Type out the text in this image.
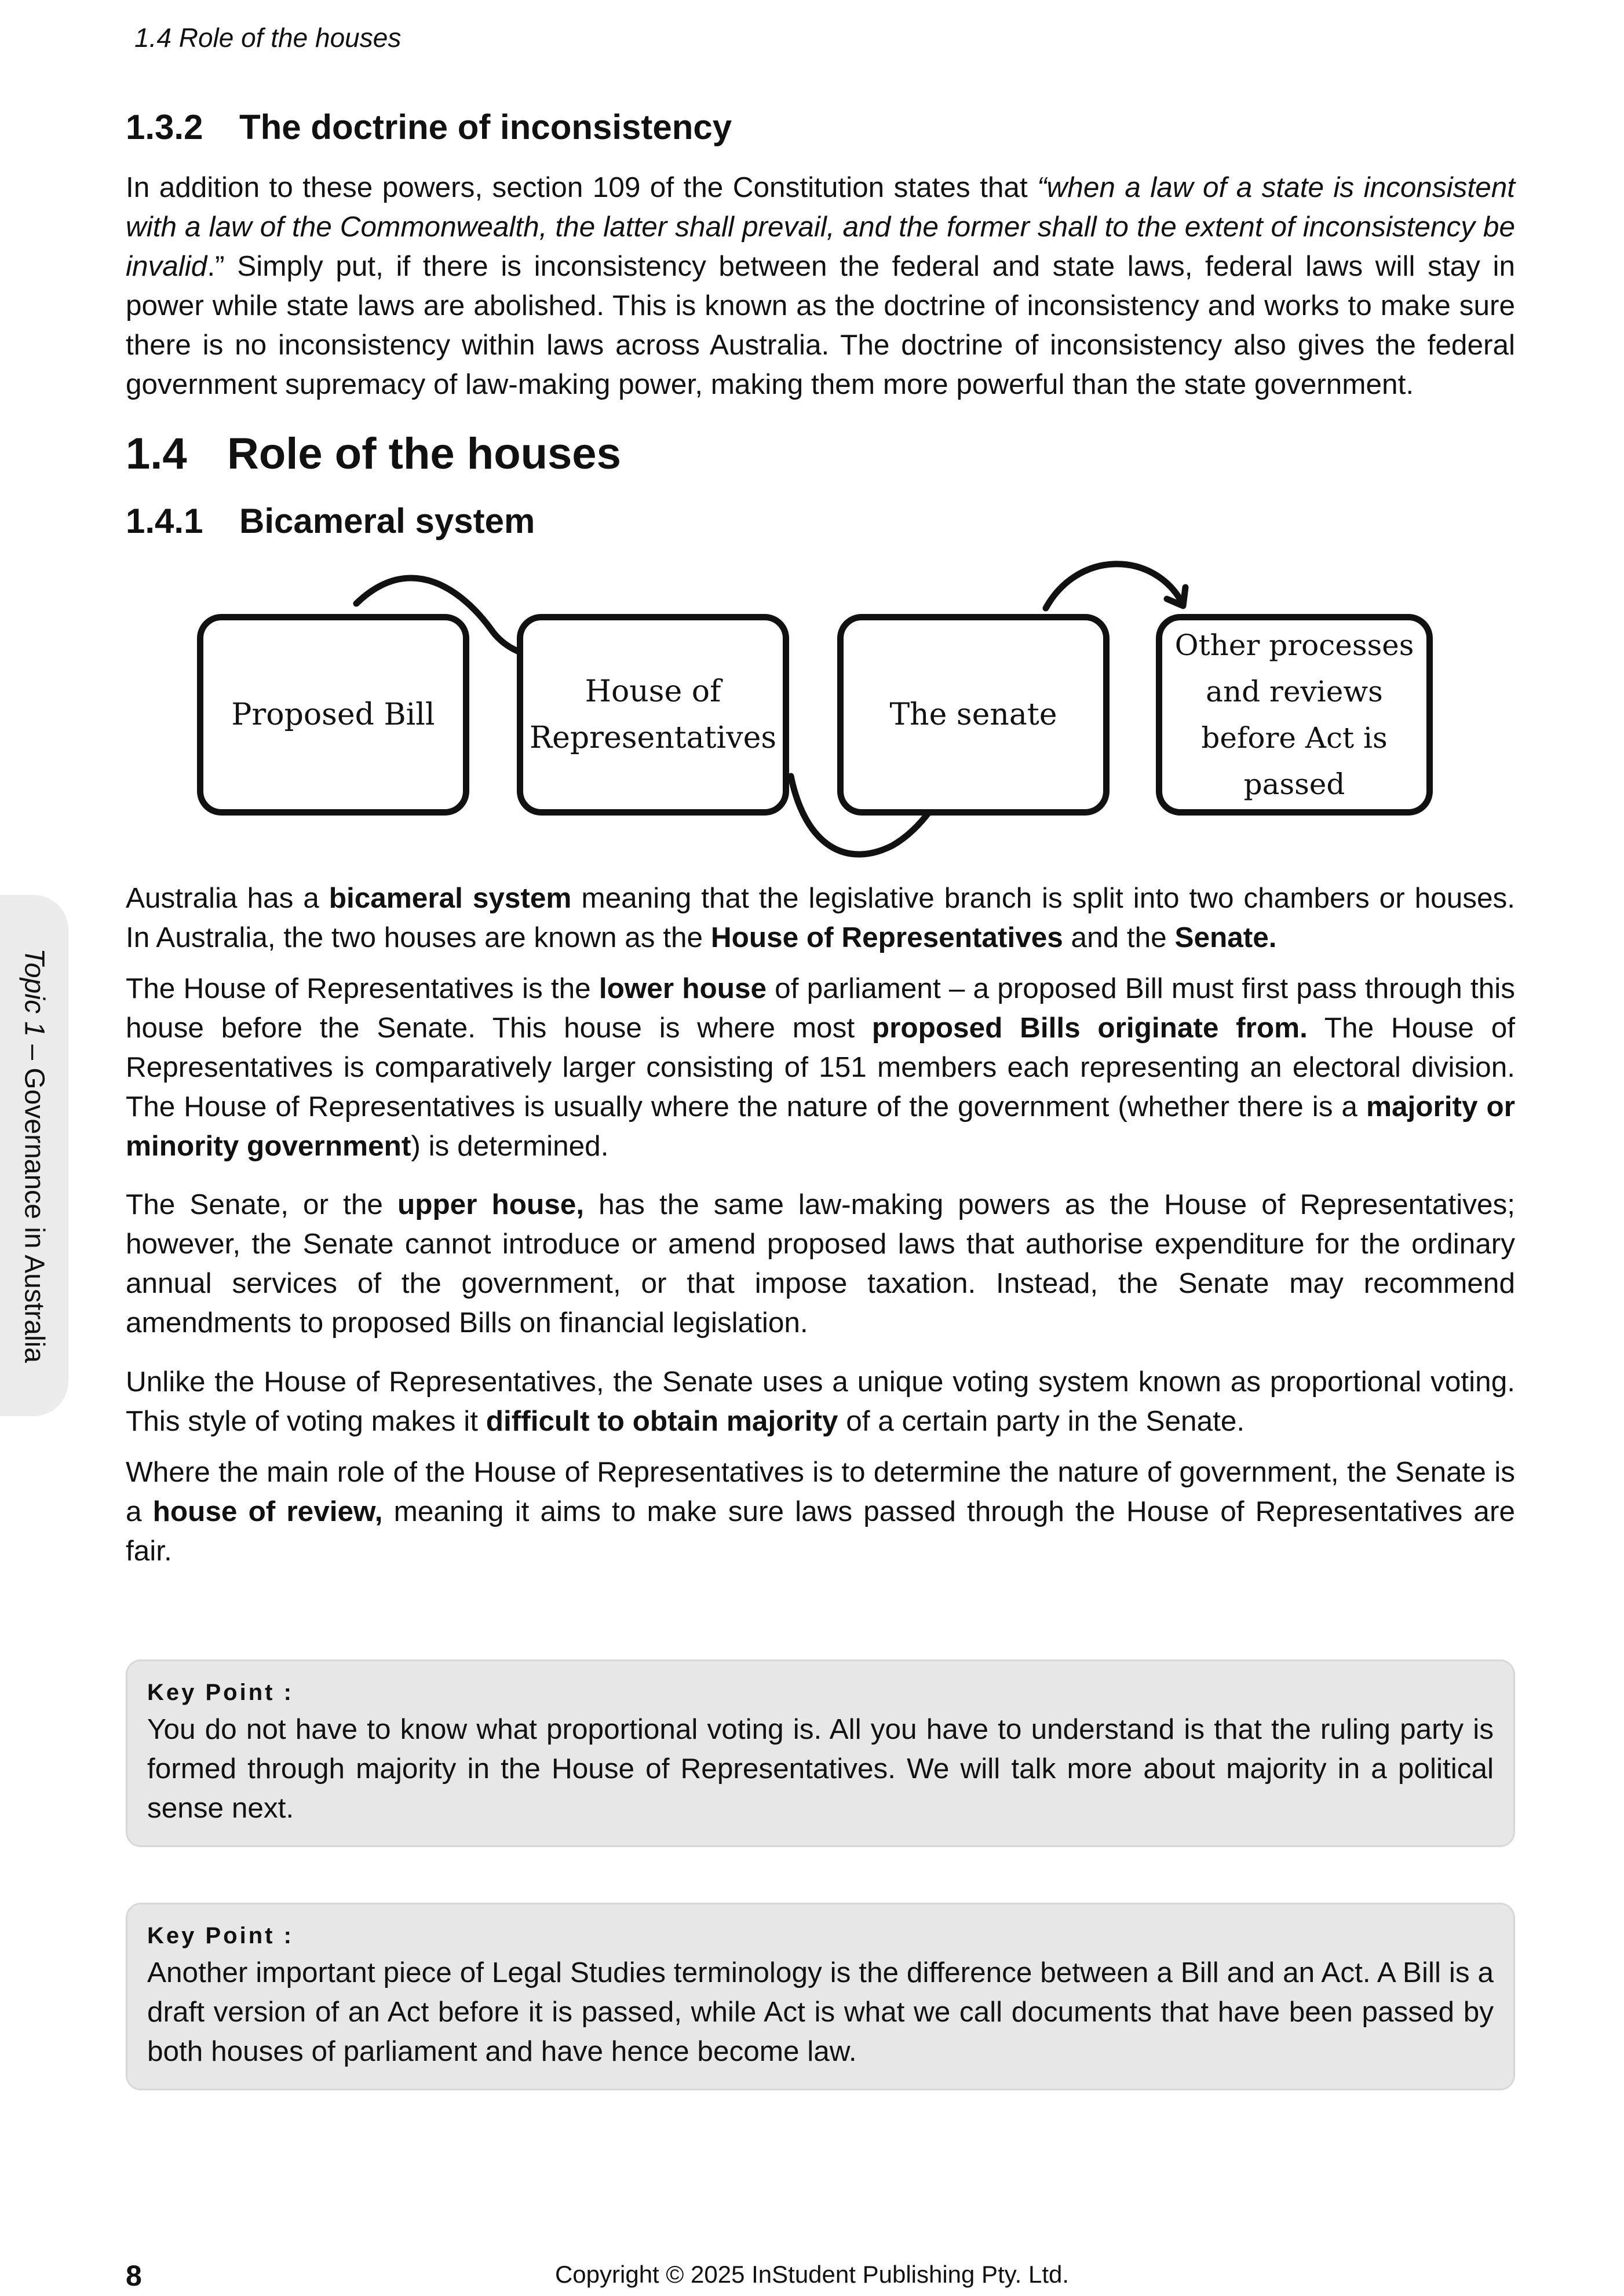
1.4 Role of the houses
Topic 1 – Governance in Australia
1.3.2 The doctrine of inconsistency

In addition to these powers, section 109 of the Constitution states that “when a law of a state is inconsistent with a law of the Commonwealth, the latter shall prevail, and the former shall to the extent of inconsistency be invalid.” Simply put, if there is inconsistency between the federal and state laws, federal laws will stay in power while state laws are abolished. This is known as the doctrine of inconsistency and works to make sure there is no inconsistency within laws across Australia. The doctrine of inconsistency also gives the federal government supremacy of law-making power, making them more powerful than the state government.

1.4 Role of the houses
1.4.1 Bicameral system

Australia has a bicameral system meaning that the legislative branch is split into two chambers or houses. In Australia, the two houses are known as the House of Representatives and the Senate.

The House of Representatives is the lower house of parliament – a proposed Bill must first pass through this house before the Senate. This house is where most proposed Bills originate from. The House of Representatives is comparatively larger consisting of 151 members each representing an electoral division. The House of Representatives is usually where the nature of the government (whether there is a majority or minority government) is determined.

The Senate, or the upper house, has the same law-making powers as the House of Representatives; however, the Senate cannot introduce or amend proposed laws that authorise expenditure for the ordinary annual services of the government, or that impose taxation. Instead, the Senate may recommend amendments to proposed Bills on financial legislation.

Unlike the House of Representatives, the Senate uses a unique voting system known as proportional voting. This style of voting makes it difficult to obtain majority of a certain party in the Senate.

Where the main role of the House of Representatives is to determine the nature of government, the Senate is a house of review, meaning it aims to make sure laws passed through the House of Representatives are fair.

Proposed Bill
House of
Representatives
The senate
Other processes
and reviews
before Act is
passed
Key Point :
You do not have to know what proportional voting is. All you have to understand is that the ruling party is formed through majority in the House of Representatives. We will talk more about majority in a political sense next.
Key Point :
Another important piece of Legal Studies terminology is the difference between a Bill and an Act. A Bill is a draft version of an Act before it is passed, while Act is what we call documents that have been passed by both houses of parliament and have hence become law.
8	Copyright © 2025 InStudent Publishing Pty. Ltd.
